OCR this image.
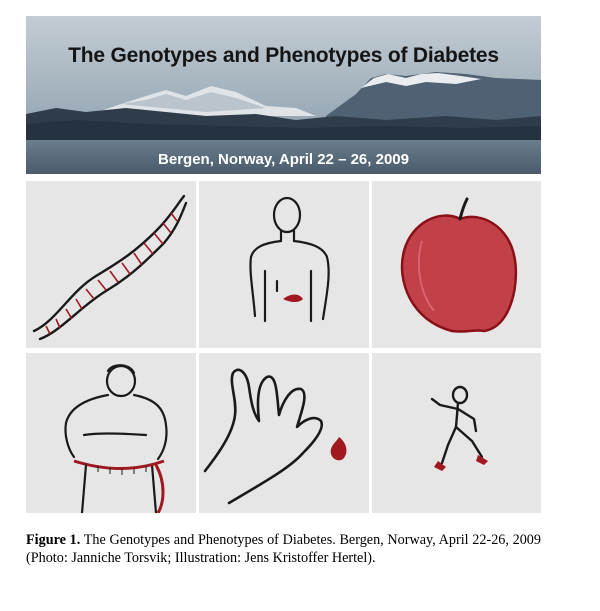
The Genotypes and Phenotypes of Diabetes
Bergen, Norway, April 22 – 26, 2009
Figure 1. The Genotypes and Phenotypes of Diabetes. Bergen, Norway, April 22-26, 2009 (Photo: Janniche Torsvik; Illustration: Jens Kristoffer Hertel).
